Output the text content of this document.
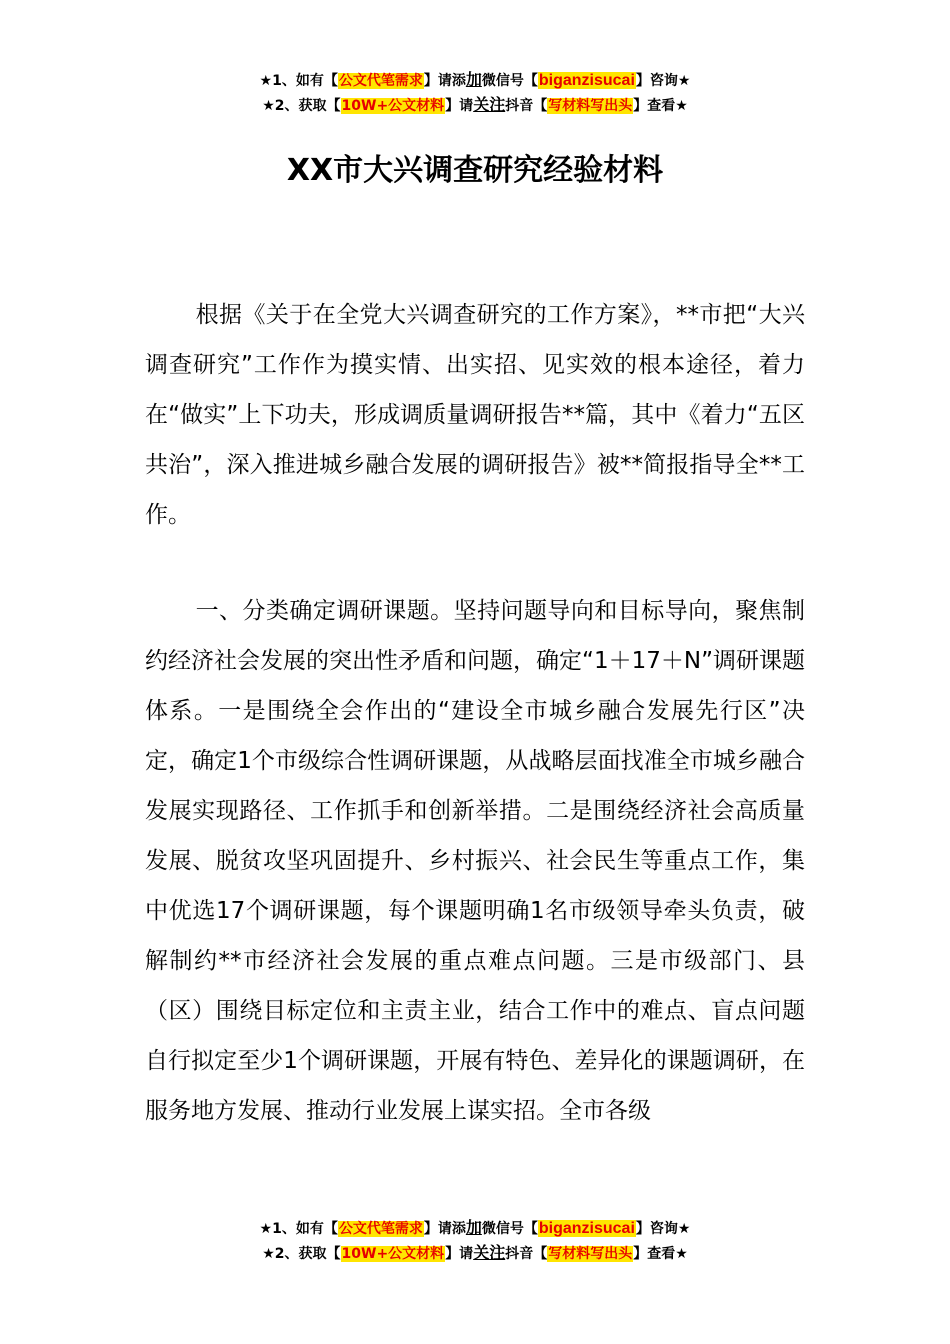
★1、如有【公文代笔需求】请添加微信号【biganzisucai】咨询★
★2、获取【10W+公文材料】请关注抖音【写材料写出头】查看★
XX市大兴调查研究经验材料

根据《关于在全党大兴调查研究的工作方案》，**市把“大兴调查研究”工作作为摸实情、出实招、见实效的根本途径，着力在“做实”上下功夫，形成调质量调研报告**篇，其中《着力“五区共治”，深入推进城乡融合发展的调研报告》被**简报指导全**工作。

一、分类确定调研课题。坚持问题导向和目标导向，聚焦制约经济社会发展的突出性矛盾和问题，确定“1＋17＋N”调研课题体系。一是围绕全会作出的“建设全市城乡融合发展先行区”决定，确定1个市级综合性调研课题，从战略层面找准全市城乡融合发展实现路径、工作抓手和创新举措。二是围绕经济社会高质量发展、脱贫攻坚巩固提升、乡村振兴、社会民生等重点工作，集中优选17个调研课题，每个课题明确1名市级领导牵头负责，破解制约**市经济社会发展的重点难点问题。三是市级部门、县（区）围绕目标定位和主责主业，结合工作中的难点、盲点问题自行拟定至少1个调研课题，开展有特色、差异化的课题调研，在服务地方发展、推动行业发展上谋实招。全市各级

★1、如有【公文代笔需求】请添加微信号【biganzisucai】咨询★
★2、获取【10W+公文材料】请关注抖音【写材料写出头】查看★
